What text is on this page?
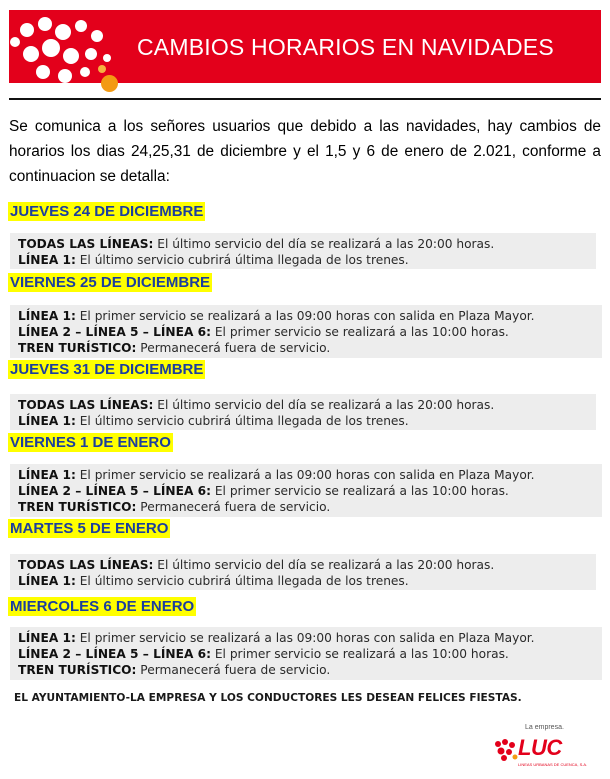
CAMBIOS HORARIOS EN NAVIDADES
Se comunica a los señores usuarios que debido a las navidades, hay cambios de horarios los dias 24,25,31 de diciembre y el 1,5 y 6 de enero de 2.021, conforme a continuacion se detalla:
JUEVES 24 DE DICIEMBRE
TODAS LAS LÍNEAS: El último servicio del día se realizará a las 20:00 horas.
LÍNEA 1: El último servicio cubrirá última llegada de los trenes.
VIERNES 25 DE DICIEMBRE
LÍNEA 1: El primer servicio se realizará a las 09:00 horas con salida en Plaza Mayor.
LÍNEA 2 – LÍNEA 5 – LÍNEA 6: El primer servicio se realizará a las 10:00 horas.
TREN TURÍSTICO: Permanecerá fuera de servicio.
JUEVES 31 DE DICIEMBRE
TODAS LAS LÍNEAS: El último servicio del día se realizará a las 20:00 horas.
LÍNEA 1: El último servicio cubrirá última llegada de los trenes.
VIERNES 1 DE ENERO
LÍNEA 1: El primer servicio se realizará a las 09:00 horas con salida en Plaza Mayor.
LÍNEA 2 – LÍNEA 5 – LÍNEA 6: El primer servicio se realizará a las 10:00 horas.
TREN TURÍSTICO: Permanecerá fuera de servicio.
MARTES 5 DE ENERO
TODAS LAS LÍNEAS: El último servicio del día se realizará a las 20:00 horas.
LÍNEA 1: El último servicio cubrirá última llegada de los trenes.
MIERCOLES 6 DE ENERO
LÍNEA 1: El primer servicio se realizará a las 09:00 horas con salida en Plaza Mayor.
LÍNEA 2 – LÍNEA 5 – LÍNEA 6: El primer servicio se realizará a las 10:00 horas.
TREN TURÍSTICO: Permanecerá fuera de servicio.
EL AYUNTAMIENTO-LA EMPRESA Y LOS CONDUCTORES LES DESEAN FELICES FIESTAS.
La empresa.
LUC
LINEAS URBANAS DE CUENCA, S.A.
